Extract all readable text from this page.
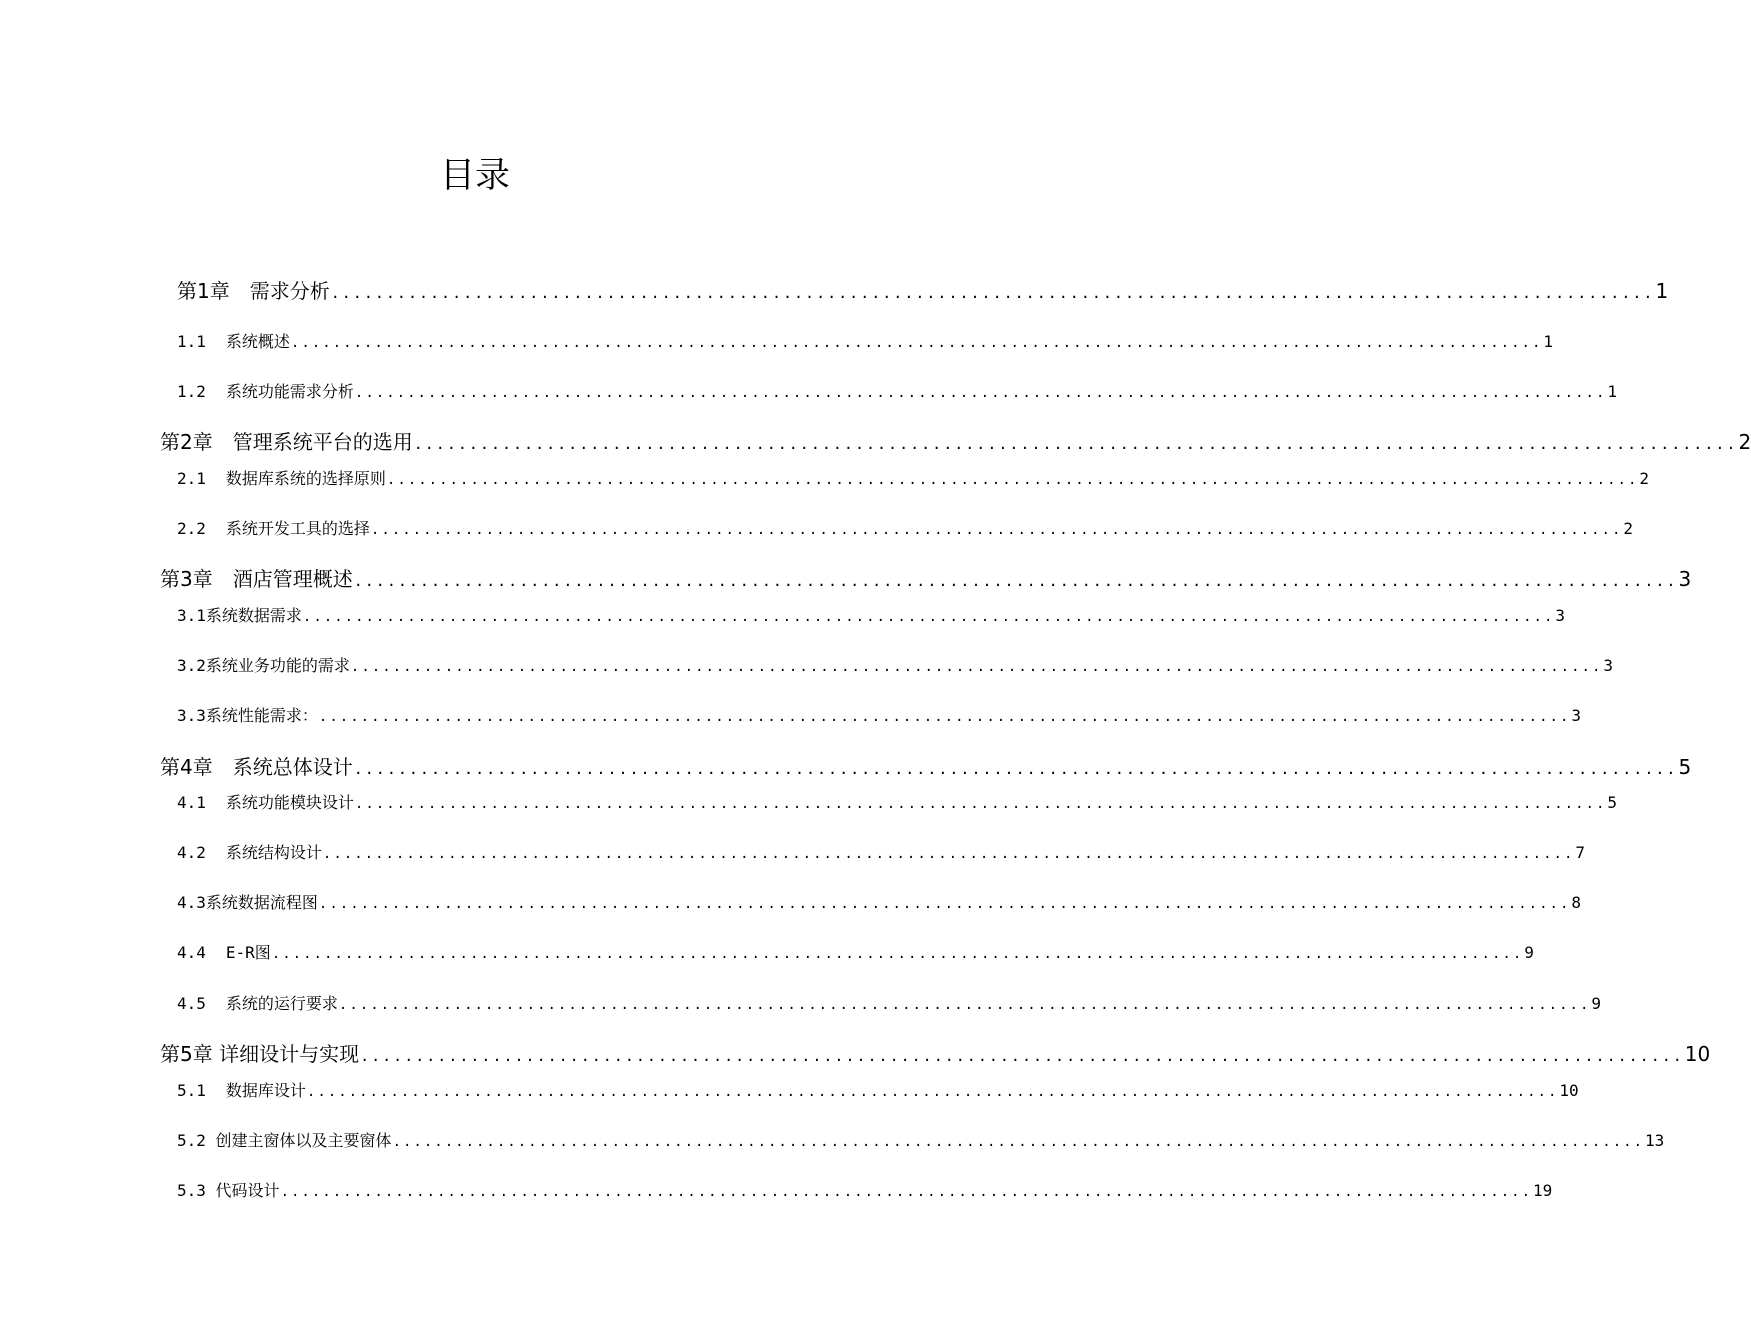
目录
第1章 需求分析 ........................................................................................................................ 1
1.1 系统概述 ........................................................................................................................ 1
1.2 系统功能需求分析 ........................................................................................................................ 1
第2章 管理系统平台的选用 ........................................................................................................................ 2
2.1 数据库系统的选择原则 ........................................................................................................................ 2
2.2 系统开发工具的选择 ........................................................................................................................ 2
第3章 酒店管理概述 ........................................................................................................................ 3
3.1系统数据需求 ........................................................................................................................ 3
3.2系统业务功能的需求 ........................................................................................................................ 3
3.3系统性能需求： ........................................................................................................................ 3
第4章 系统总体设计 ........................................................................................................................ 5
4.1 系统功能模块设计 ........................................................................................................................ 5
4.2 系统结构设计 ........................................................................................................................ 7
4.3系统数据流程图 ........................................................................................................................ 8
4.4 E-R图 ........................................................................................................................ 9
4.5 系统的运行要求 ........................................................................................................................ 9
第5章 详细设计与实现 ........................................................................................................................ 10
5.1 数据库设计 ........................................................................................................................ 10
5.2 创建主窗体以及主要窗体 ........................................................................................................................ 13
5.3 代码设计 ........................................................................................................................ 19
